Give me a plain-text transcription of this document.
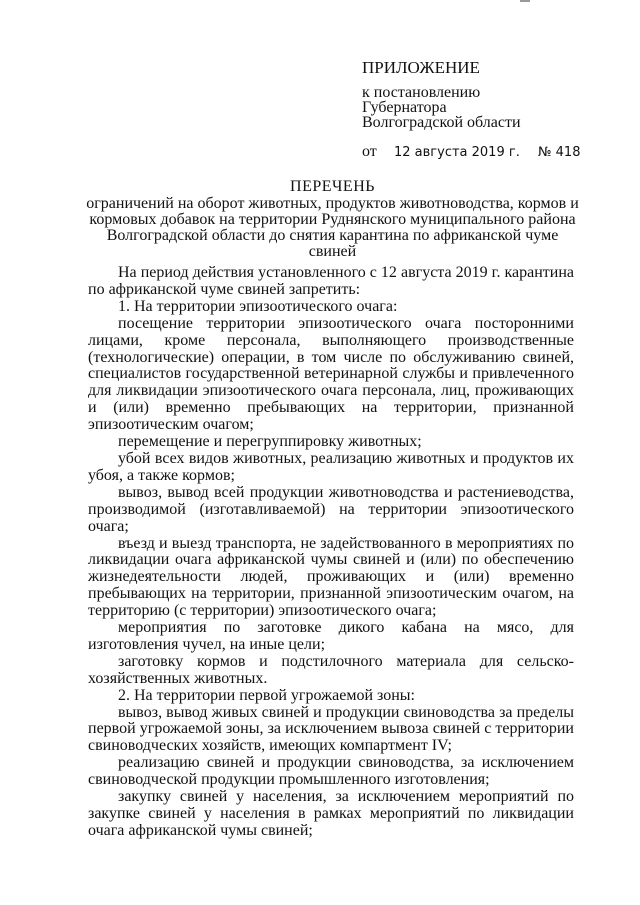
ПРИЛОЖЕНИЕ
к постановлению
Губернатора
Волгоградской области
от 12 августа 2019 г. № 418
ПЕРЕЧЕНЬ
ограничений на оборот животных, продуктов животноводства, кормов и кормовых добавок на территории Руднянского муниципального района Волгоградской области до снятия карантина по африканской чуме свиней

На период действия установленного с 12 августа 2019 г. карантина по африканской чуме свиней запретить:

1. На территории эпизоотического очага:

посещение территории эпизоотического очага посторонними лицами, кроме персонала, выполняющего производственные (технологические) операции, в том числе по обслуживанию свиней, специалистов государственной ветеринарной службы и привлеченного для ликвидации эпизоотического очага персонала, лиц, проживающих и (или) временно пребывающих на территории, признанной эпизоотическим очагом;

перемещение и перегруппировку животных;

убой всех видов животных, реализацию животных и продуктов их убоя, а также кормов;

вывоз, вывод всей продукции животноводства и растениеводства, производимой (изготавливаемой) на территории эпизоотического очага;

въезд и выезд транспорта, не задействованного в мероприятиях по ликвидации очага африканской чумы свиней и (или) по обеспечению жизнедеятельности людей, проживающих и (или) временно пребывающих на территории, признанной эпизоотическим очагом, на территорию (с территории) эпизоотического очага;

мероприятия по заготовке дикого кабана на мясо, для изготовления чучел, на иные цели;

заготовку кормов и подстилочного материала для сельско-хозяйственных животных.

2. На территории первой угрожаемой зоны:

вывоз, вывод живых свиней и продукции свиноводства за пределы первой угрожаемой зоны, за исключением вывоза свиней с территории свиноводческих хозяйств, имеющих компартмент IV;

реализацию свиней и продукции свиноводства, за исключением свиноводческой продукции промышленного изготовления;

закупку свиней у населения, за исключением мероприятий по закупке свиней у населения в рамках мероприятий по ликвидации очага африканской чумы свиней;
